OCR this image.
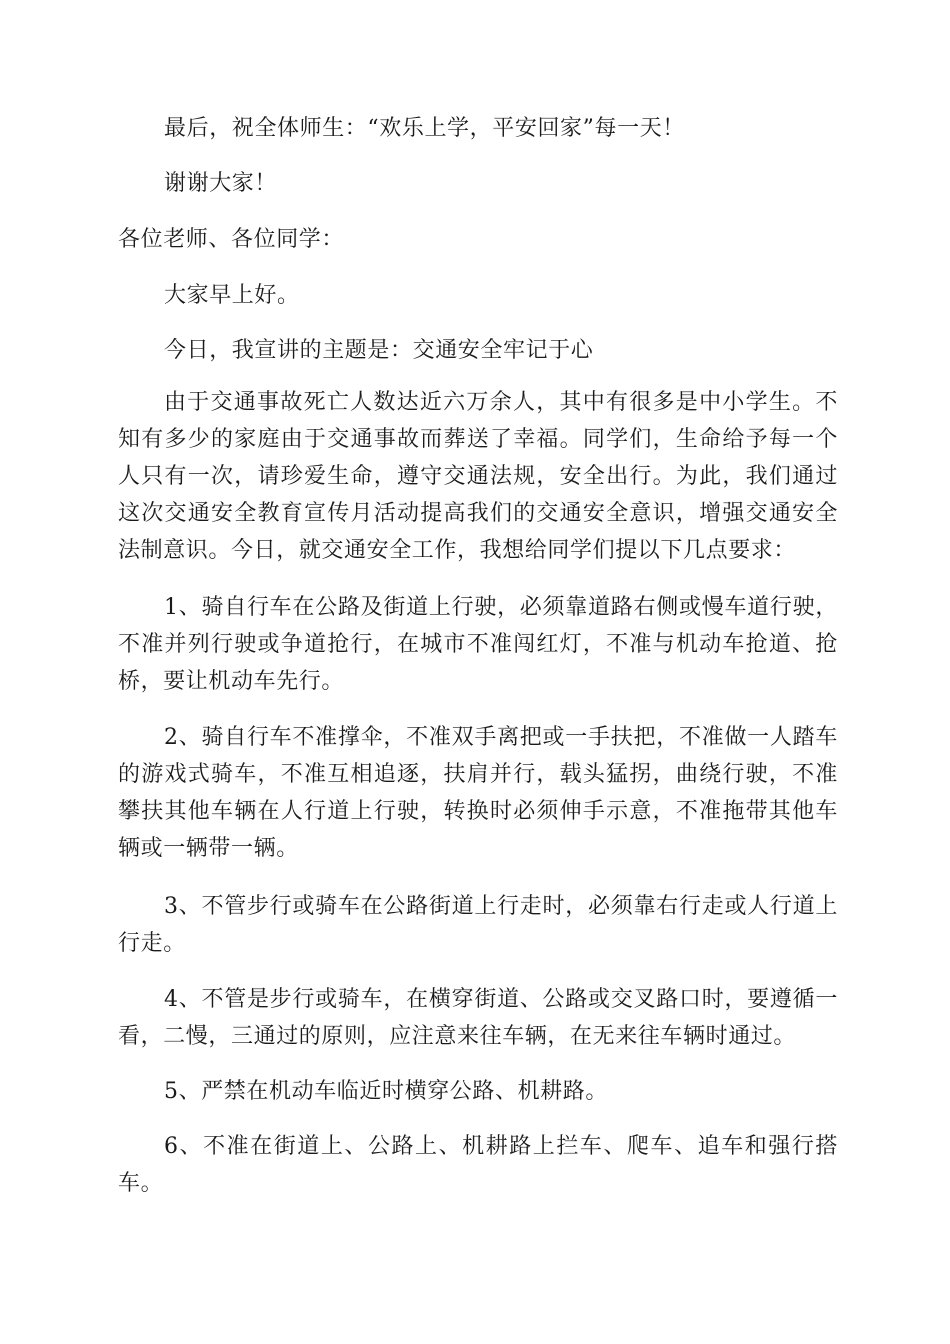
最后，祝全体师生：“欢乐上学，平安回家”每一天！

谢谢大家！

各位老师、各位同学：

大家早上好。

今日，我宣讲的主题是：交通安全牢记于心

由于交通事故死亡人数达近六万余人，其中有很多是中小学生。不知有多少的家庭由于交通事故而葬送了幸福。同学们，生命给予每一个人只有一次，请珍爱生命，遵守交通法规，安全出行。为此，我们通过这次交通安全教育宣传月活动提高我们的交通安全意识，增强交通安全法制意识。今日，就交通安全工作，我想给同学们提以下几点要求：

1、骑自行车在公路及街道上行驶，必须靠道路右侧或慢车道行驶，不准并列行驶或争道抢行，在城市不准闯红灯，不准与机动车抢道、抢桥，要让机动车先行。

2、骑自行车不准撑伞，不准双手离把或一手扶把，不准做一人踏车的游戏式骑车，不准互相追逐，扶肩并行，载头猛拐，曲绕行驶，不准攀扶其他车辆在人行道上行驶，转换时必须伸手示意，不准拖带其他车辆或一辆带一辆。

3、不管步行或骑车在公路街道上行走时，必须靠右行走或人行道上行走。

4、不管是步行或骑车，在横穿街道、公路或交叉路口时，要遵循一看，二慢，三通过的原则，应注意来往车辆，在无来往车辆时通过。

5、严禁在机动车临近时横穿公路、机耕路。

6、不准在街道上、公路上、机耕路上拦车、爬车、追车和强行搭车。
